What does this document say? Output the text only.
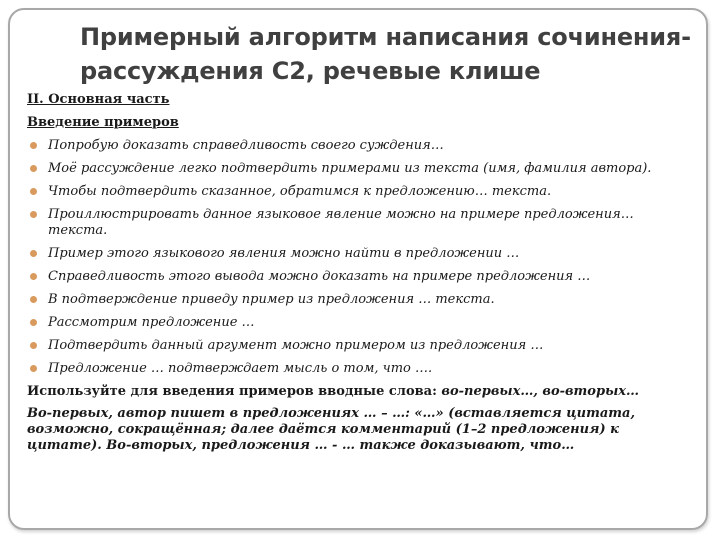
Примерный алгоритм написания сочинения-рассуждения С2, речевые клише
II. Основная часть
Введение примеров
Попробую доказать справедливость своего суждения…
Моё рассуждение легко подтвердить примерами из текста (имя, фамилия автора).
Чтобы подтвердить сказанное, обратимся к предложению… текста.
Проиллюстрировать данное языковое явление можно на примере предложения… текста.
Пример этого языкового явления можно найти в предложении …
Справедливость этого вывода можно доказать на примере предложения …
В подтверждение приведу пример из предложения … текста.
Рассмотрим предложение …
Подтвердить данный аргумент можно примером из предложения …
Предложение … подтверждает мысль о том, что ….

Используйте для введения примеров вводные слова: во-первых…, во-вторых…

Во-первых, автор пишет в предложениях … – …: «…» (вставляется цитата, возможно, сокращённая; далее даётся комментарий (1–2 предложения) к цитате). Во-вторых, предложения … - … также доказывают, что…
